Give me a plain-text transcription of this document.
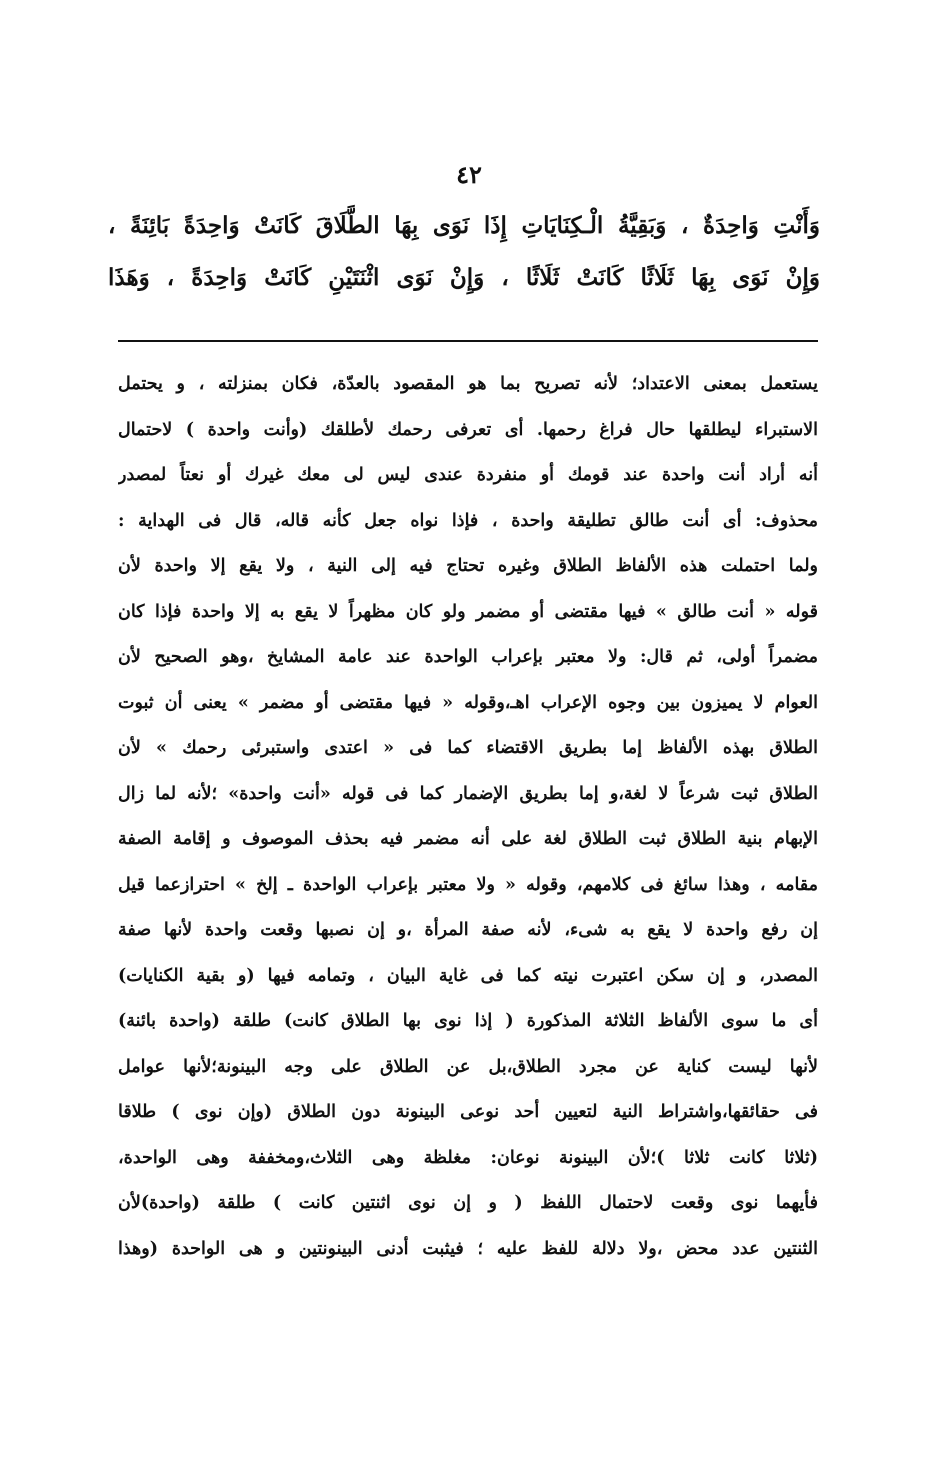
٤٢
وَأَنْتِ وَاحِدَةٌ ، وَبَقِيَّةُ الْـكِنَايَاتِ إِذَا نَوَى بِهَا الطَّلَاقَ كَانَتْ وَاحِدَةً بَائِنَةً ،
وَإِنْ نَوَى بِهَا ثَلَاثًا كَانَتْ ثَلَاثًا ، وَإِنْ نَوَى اثْنَتَيْنِ كَانَتْ وَاحِدَةً ، وَهَذَا
يستعمل بمعنى الاعتداد؛ لأنه تصريح بما هو المقصود بالعدّة، فكان بمنزلته ، و يحتمل
الاستبراء ليطلقها حال فراغ رحمها. أى تعرفى رحمك لأطلقك (وأنت واحدة ) لاحتمال
أنه أراد أنت واحدة عند قومك أو منفردة عندى ليس لى معك غيرك أو نعتاً لمصدر
محذوف: أى أنت طالق تطليقة واحدة ، فإذا نواه جعل كأنه قاله، قال فى الهداية :
ولما احتملت هذه الألفاظ الطلاق وغيره تحتاج فيه إلى النية ، ولا يقع إلا واحدة لأن
قوله « أنت طالق » فيها مقتضى أو مضمر ولو كان مظهراً لا يقع به إلا واحدة فإذا كان
مضمراً أولى، ثم قال: ولا معتبر بإعراب الواحدة عند عامة المشايخ ،وهو الصحيح لأن
العوام لا يميزون بين وجوه الإعراب اهـ،وقوله « فيها مقتضى أو مضمر » يعنى أن ثبوت
الطلاق بهذه الألفاظ إما بطريق الاقتضاء كما فى « اعتدى واستبرئى رحمك » لأن
الطلاق ثبت شرعاً لا لغة،و إما بطريق الإضمار كما فى قوله «أنت واحدة» ؛لأنه لما زال
الإبهام بنية الطلاق ثبت الطلاق لغة على أنه مضمر فيه بحذف الموصوف و إقامة الصفة
مقامه ، وهذا سائغ فى كلامهم، وقوله « ولا معتبر بإعراب الواحدة ـ إلخ » احترازعما قيل
إن رفع واحدة لا يقع به شىء، لأنه صفة المرأة ،و إن نصبها وقعت واحدة لأنها صفة
المصدر، و إن سكن اعتبرت نيته كما فى غاية البيان ، وتمامه فيها (و بقية الكنايات)
أى ما سوى الألفاظ الثلاثة المذكورة ( إذا نوى بها الطلاق كانت) طلقة (واحدة بائنة)
لأنها ليست كناية عن مجرد الطلاق،بل عن الطلاق على وجه البينونة؛لأنها عوامل
فى حقائقها،واشتراط النية لتعيين أحد نوعى البينونة دون الطلاق (وإن نوى ) طلاقا
(ثلاثا كانت ثلاثا )؛لأن البينونة نوعان: مغلظة وهى الثلاث،ومخففة وهى الواحدة،
فأيهما نوى وقعت لاحتمال اللفظ ( و إن نوى اثنتين كانت ) طلقة (واحدة)لأن
الثنتين عدد محض ،ولا دلالة للفظ عليه ؛ فيثبت أدنى البينونتين و هى الواحدة (وهذا
